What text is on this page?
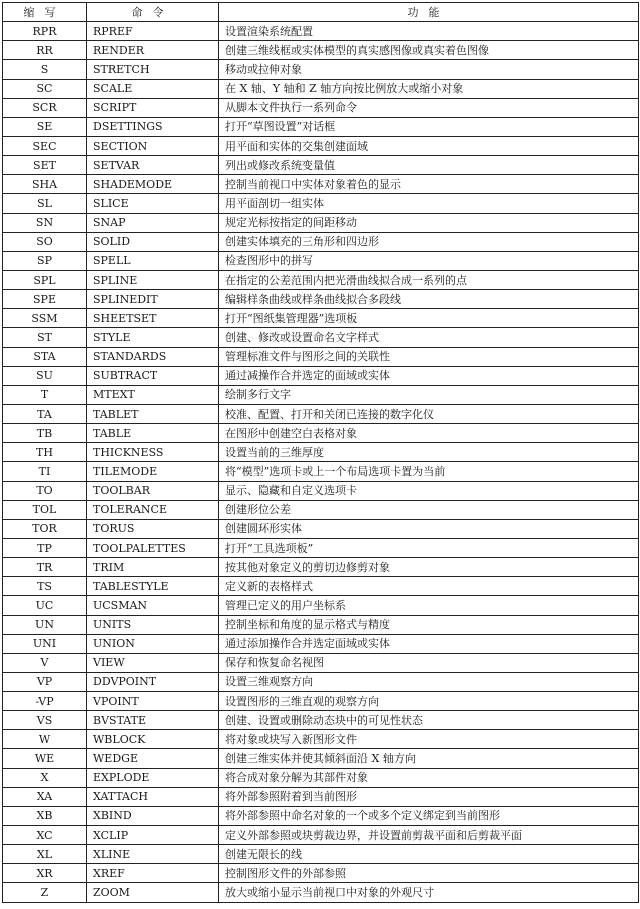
缩写	命令	功能
RPR	RPREF	设置渲染系统配置
RR	RENDER	创建三维线框或实体模型的真实感图像或真实着色图像
S	STRETCH	移动或拉伸对象
SC	SCALE	在 X 轴、Y 轴和 Z 轴方向按比例放大或缩小对象
SCR	SCRIPT	从脚本文件执行一系列命令
SE	DSETTINGS	打开“草图设置”对话框
SEC	SECTION	用平面和实体的交集创建面域
SET	SETVAR	列出或修改系统变量值
SHA	SHADEMODE	控制当前视口中实体对象着色的显示
SL	SLICE	用平面剖切一组实体
SN	SNAP	规定光标按指定的间距移动
SO	SOLID	创建实体填充的三角形和四边形
SP	SPELL	检查图形中的拼写
SPL	SPLINE	在指定的公差范围内把光滑曲线拟合成一系列的点
SPE	SPLINEDIT	编辑样条曲线或样条曲线拟合多段线
SSM	SHEETSET	打开“图纸集管理器”选项板
ST	STYLE	创建、修改或设置命名文字样式
STA	STANDARDS	管理标准文件与图形之间的关联性
SU	SUBTRACT	通过减操作合并选定的面域或实体
T	MTEXT	绘制多行文字
TA	TABLET	校准、配置、打开和关闭已连接的数字化仪
TB	TABLE	在图形中创建空白表格对象
TH	THICKNESS	设置当前的三维厚度
TI	TILEMODE	将“模型”选项卡或上一个布局选项卡置为当前
TO	TOOLBAR	显示、隐藏和自定义选项卡
TOL	TOLERANCE	创建形位公差
TOR	TORUS	创建圆环形实体
TP	TOOLPALETTES	打开“工具选项板”
TR	TRIM	按其他对象定义的剪切边修剪对象
TS	TABLESTYLE	定义新的表格样式
UC	UCSMAN	管理已定义的用户坐标系
UN	UNITS	控制坐标和角度的显示格式与精度
UNI	UNION	通过添加操作合并选定面域或实体
V	VIEW	保存和恢复命名视图
VP	DDVPOINT	设置三维观察方向
-VP	VPOINT	设置图形的三维直观的观察方向
VS	BVSTATE	创建、设置或删除动态块中的可见性状态
W	WBLOCK	将对象或块写入新图形文件
WE	WEDGE	创建三维实体并使其倾斜面沿 X 轴方向
X	EXPLODE	将合成对象分解为其部件对象
XA	XATTACH	将外部参照附着到当前图形
XB	XBIND	将外部参照中命名对象的一个或多个定义绑定到当前图形
XC	XCLIP	定义外部参照或块剪裁边界，并设置前剪裁平面和后剪裁平面
XL	XLINE	创建无限长的线
XR	XREF	控制图形文件的外部参照
Z	ZOOM	放大或缩小显示当前视口中对象的外观尺寸
